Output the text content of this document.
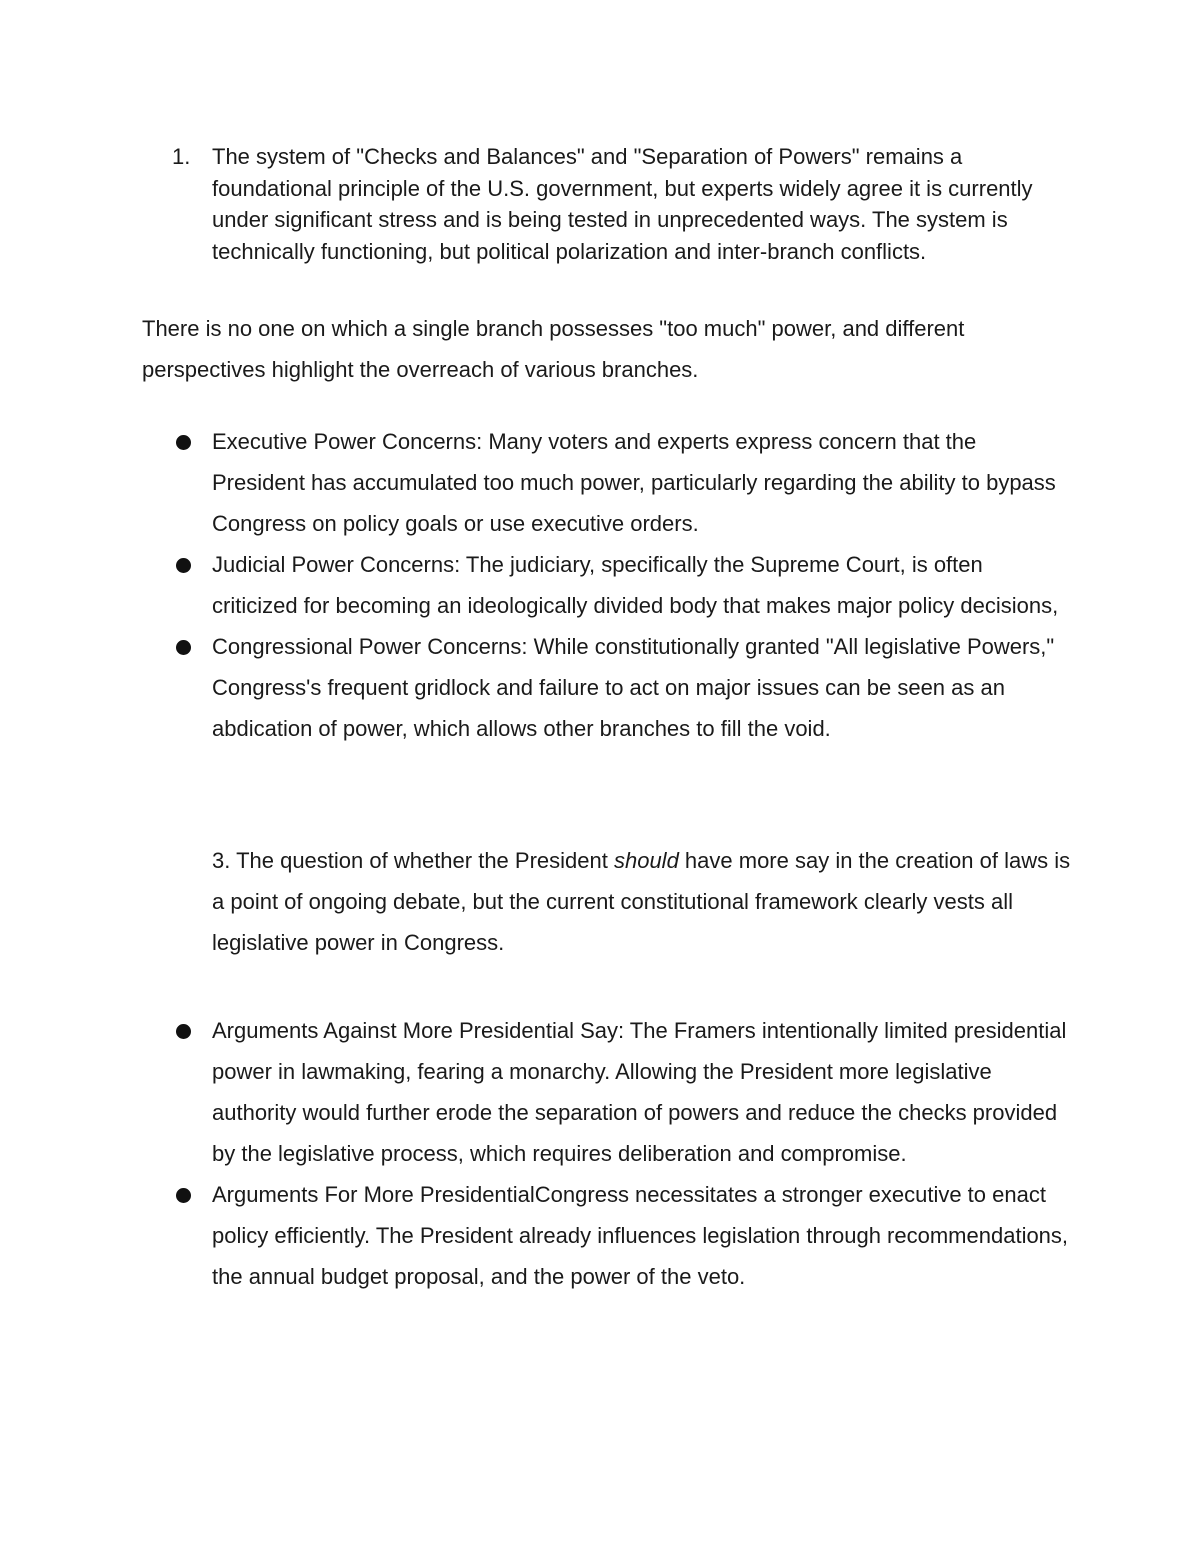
1. The system of "Checks and Balances" and "Separation of Powers" remains a foundational principle of the U.S. government, but experts widely agree it is currently under significant stress and is being tested in unprecedented ways. The system is technically functioning, but political polarization and inter-branch conflicts.

There is no one on which a single branch possesses "too much" power, and different perspectives highlight the overreach of various branches.

Executive Power Concerns: Many voters and experts express concern that the President has accumulated too much power, particularly regarding the ability to bypass Congress on policy goals or use executive orders.
Judicial Power Concerns: The judiciary, specifically the Supreme Court, is often criticized for becoming an ideologically divided body that makes major policy decisions,
Congressional Power Concerns: While constitutionally granted "All legislative Powers," Congress's frequent gridlock and failure to act on major issues can be seen as an abdication of power, which allows other branches to fill the void.

3. The question of whether the President should have more say in the creation of laws is a point of ongoing debate, but the current constitutional framework clearly vests all legislative power in Congress.

Arguments Against More Presidential Say: The Framers intentionally limited presidential power in lawmaking, fearing a monarchy. Allowing the President more legislative authority would further erode the separation of powers and reduce the checks provided by the legislative process, which requires deliberation and compromise.
Arguments For More PresidentialCongress necessitates a stronger executive to enact policy efficiently. The President already influences legislation through recommendations, the annual budget proposal, and the power of the veto.
